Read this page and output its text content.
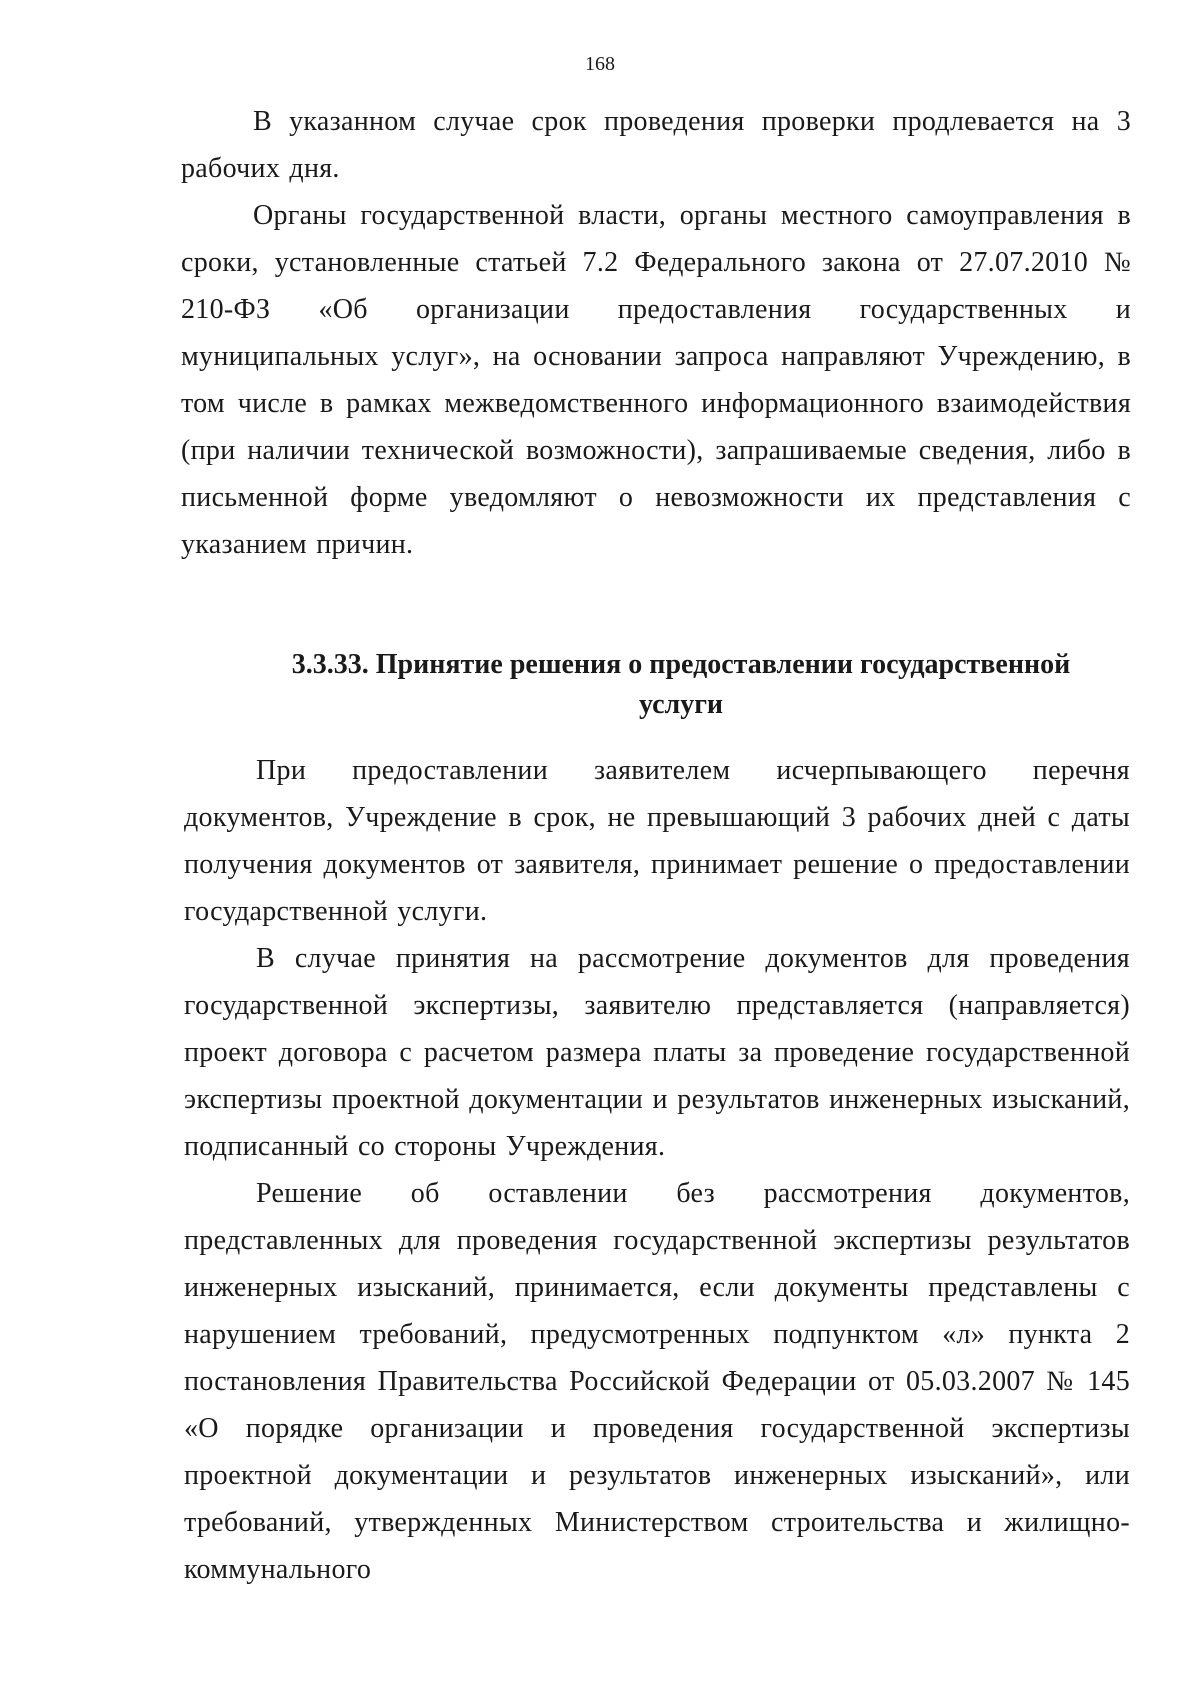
168

В указанном случае срок проведения проверки продлевается на 3 рабочих дня.

Органы государственной власти, органы местного самоуправления в сроки, установленные статьей 7.2 Федерального закона от 27.07.2010 № 210-ФЗ «Об организации предоставления государственных и муниципальных услуг», на основании запроса направляют Учреждению, в том числе в рамках межведомственного информационного взаимодействия (при наличии технической возможности), запрашиваемые сведения, либо в письменной форме уведомляют о невозможности их представления с указанием причин.

3.3.33. Принятие решения о предоставлении государственной
услуги

При предоставлении заявителем исчерпывающего перечня документов, Учреждение в срок, не превышающий 3 рабочих дней с даты получения документов от заявителя, принимает решение о предоставлении государственной услуги.

В случае принятия на рассмотрение документов для проведения государственной экспертизы, заявителю представляется (направляется) проект договора с расчетом размера платы за проведение государственной экспертизы проектной документации и результатов инженерных изысканий, подписанный со стороны Учреждения.

Решение об оставлении без рассмотрения документов, представленных для проведения государственной экспертизы результатов инженерных изысканий, принимается, если документы представлены с нарушением требований, предусмотренных подпунктом «л» пункта 2 постановления Правительства Российской Федерации от 05.03.2007 № 145 «О порядке организации и проведения государственной экспертизы проектной документации и результатов инженерных изысканий», или требований, утвержденных Министерством строительства и жилищно-коммунального
